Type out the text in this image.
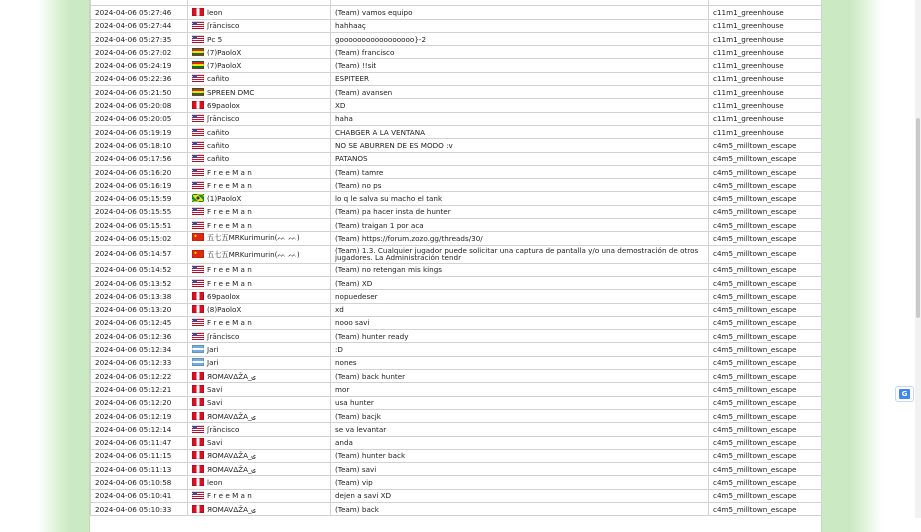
2024-04-06 05:27:46	leon	(Team) vamos equipo	c11m1_greenhouse
2024-04-06 05:27:44	ʃrāncisco	hahhaaç	c11m1_greenhouse
2024-04-06 05:27:35	Pc 5	gooooooooooooooooo}-2	c11m1_greenhouse
2024-04-06 05:27:02	(7)PaoloX	(Team) francisco	c11m1_greenhouse
2024-04-06 05:24:19	(7)PaoloX	(Team) !!sit	c11m1_greenhouse
2024-04-06 05:22:36	cañito	ESPITEER	c11m1_greenhouse
2024-04-06 05:21:50	SPREEN DMC	(Team) avansen	c11m1_greenhouse
2024-04-06 05:20:08	69paolox	XD	c11m1_greenhouse
2024-04-06 05:20:05	ʃrāncisco	haha	c11m1_greenhouse
2024-04-06 05:19:19	cañito	CHABGER A LA VENTANA	c11m1_greenhouse
2024-04-06 05:18:10	cañito	NO SE ABURREN DE ES MODO :v	c4m5_milltown_escape
2024-04-06 05:17:56	cañito	PATANOS	c4m5_milltown_escape
2024-04-06 05:16:20	F r e e M a n	(Team) tamre	c4m5_milltown_escape
2024-04-06 05:16:19	F r e e M a n	(Team) no ps	c4m5_milltown_escape
2024-04-06 05:15:59	(1)PaoloX	lo q le salva su macho el tank	c4m5_milltown_escape
2024-04-06 05:15:55	F r e e M a n	(Team) pa hacer insta de hunter	c4m5_milltown_escape
2024-04-06 05:15:51	F r e e M a n	(Team) traigan 1 por aca	c4m5_milltown_escape
2024-04-06 05:15:02	五七五MRKurimurin(ᨓ ᨓ)	(Team) https://forum.zozo.gg/threads/30/	c4m5_milltown_escape
2024-04-06 05:14:57	五七五MRKurimurin(ᨓ ᨓ)	(Team) 1.3. Cualquier jugador puede solicitar una captura de pantalla y/o una demostración de otros jugadores. La Administración tendr	c4m5_milltown_escape
2024-04-06 05:14:52	F r e e M a n	(Team) no retengan mis kings	c4m5_milltown_escape
2024-04-06 05:13:52	F r e e M a n	(Team) XD	c4m5_milltown_escape
2024-04-06 05:13:38	69paolox	nopuedeser	c4m5_milltown_escape
2024-04-06 05:13:20	(8)PaoloX	xd	c4m5_milltown_escape
2024-04-06 05:12:45	F r e e M a n	nooo savi	c4m5_milltown_escape
2024-04-06 05:12:36	ʃrāncisco	(Team) hunter ready	c4m5_milltown_escape
2024-04-06 05:12:34	Jari	:D	c4m5_milltown_escape
2024-04-06 05:12:33	Jari	nones	c4m5_milltown_escape
2024-04-06 05:12:22	ЯOMAVΔŽA_ۍ	(Team) back hunter	c4m5_milltown_escape
2024-04-06 05:12:21	Savi	mor	c4m5_milltown_escape
2024-04-06 05:12:20	Savi	usa hunter	c4m5_milltown_escape
2024-04-06 05:12:19	ЯOMAVΔŽA_ۍ	(Team) bacjk	c4m5_milltown_escape
2024-04-06 05:12:14	ʃrāncisco	se va levantar	c4m5_milltown_escape
2024-04-06 05:11:47	Savi	anda	c4m5_milltown_escape
2024-04-06 05:11:15	ЯOMAVΔŽA_ۍ	(Team) hunter back	c4m5_milltown_escape
2024-04-06 05:11:13	ЯOMAVΔŽA_ۍ	(Team) savi	c4m5_milltown_escape
2024-04-06 05:10:58	leon	(Team) vip	c4m5_milltown_escape
2024-04-06 05:10:41	F r e e M a n	dejen a savi XD	c4m5_milltown_escape
2024-04-06 05:10:33	ЯOMAVΔŽA_ۍ	(Team) back	c4m5_milltown_escape
G
